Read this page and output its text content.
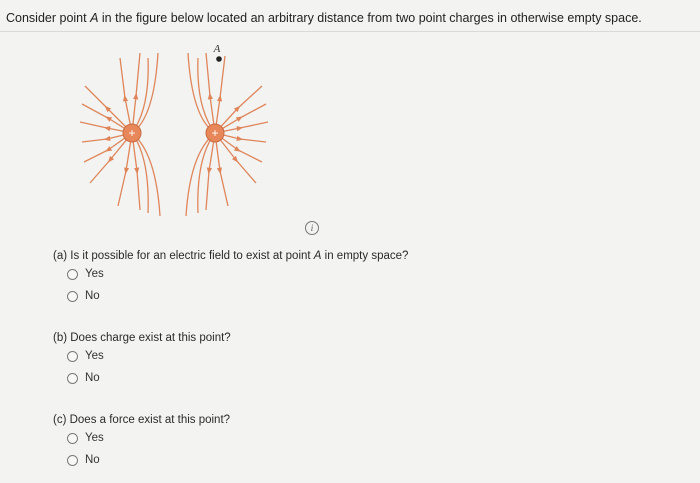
Consider point A in the figure below located an arbitrary distance from two point charges in otherwise empty space.
A
+	+
i
(a) Is it possible for an electric field to exist at point A in empty space?
Yes
No
(b) Does charge exist at this point?
Yes
No
(c) Does a force exist at this point?
Yes
No
